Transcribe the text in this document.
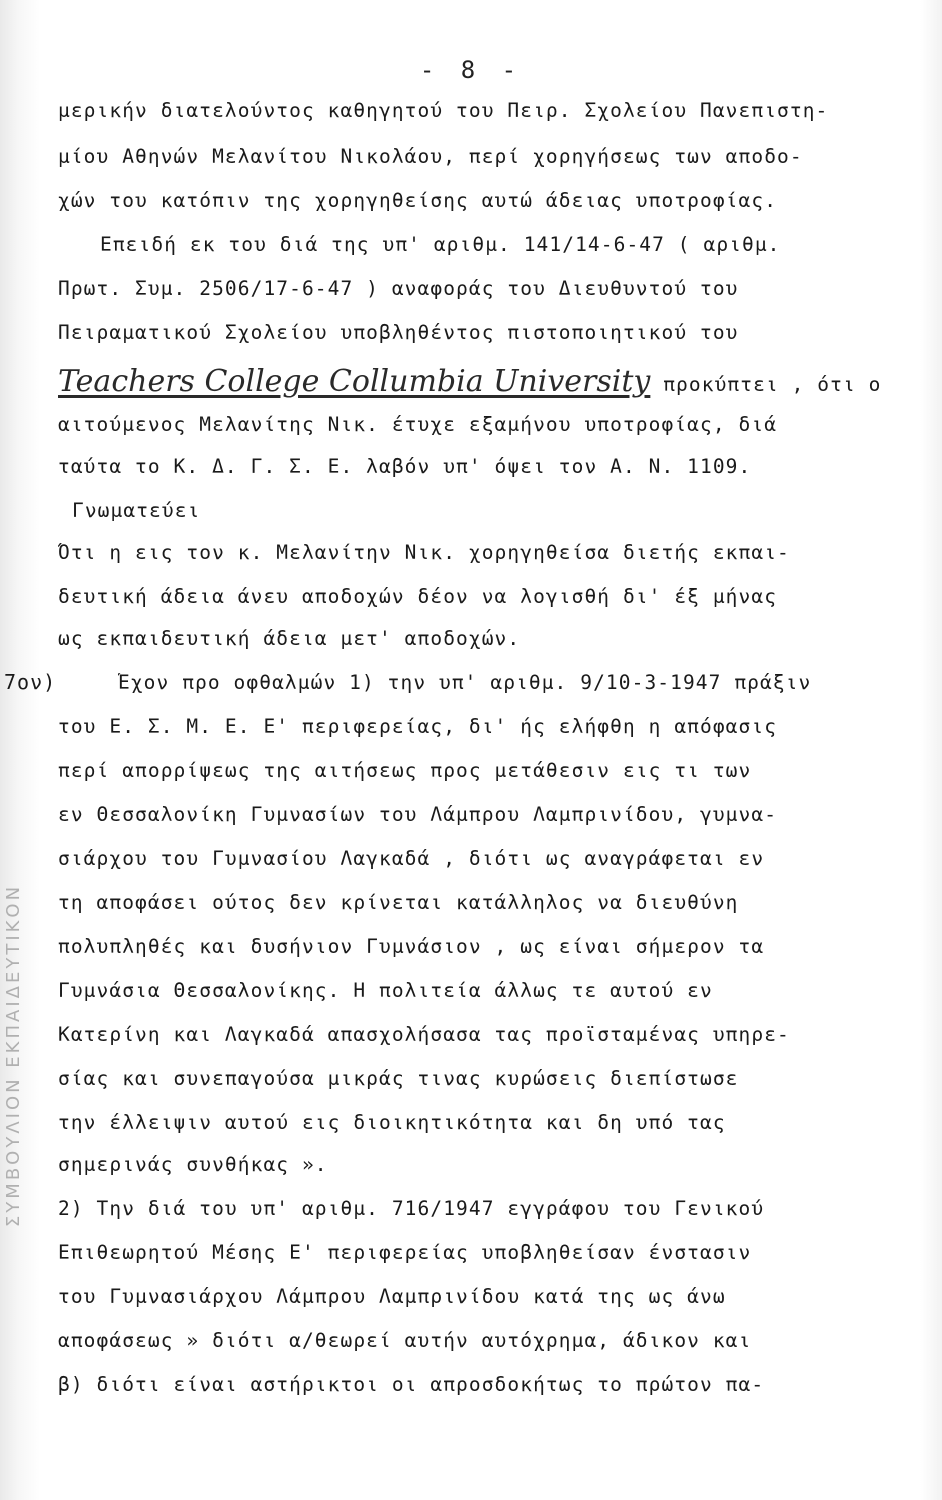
ΣΥΜΒΟΥΛΙΟΝ ΕΚΠΑΙΔΕΥΤΙΚΟΝ
- 8 -
μερικήν διατελούντος καθηγητού του Πειρ. Σχολείου Πανεπιστη-
μίου Αθηνών Μελανίτου Νικολάου, περί χορηγήσεως των αποδο-
χών του κατόπιν της χορηγηθείσης αυτώ άδειας υποτροφίας.
Επειδή εκ του διά της υπ' αριθμ. 141/14-6-47 ( αριθμ.
Πρωτ. Συμ. 2506/17-6-47 ) αναφοράς του Διευθυντού του
Πειραματικού Σχολείου υποβληθέντος πιστοποιητικού του
Teachers College Collumbia University προκύπτει , ότι ο
αιτούμενος Μελανίτης Νικ. έτυχε εξαμήνου υποτροφίας, διά
ταύτα το Κ. Δ. Γ. Σ. Ε. λαβόν υπ' όψει τον Α. Ν. 1109.
Γνωματεύει
Ότι η εις τον κ. Μελανίτην Νικ. χορηγηθείσα διετής εκπαι-
δευτική άδεια άνευ αποδοχών δέον να λογισθή δι' έξ μήνας
ως εκπαιδευτική άδεια μετ' αποδοχών.
7ον)	Έχον προ οφθαλμών 1) την υπ' αριθμ. 9/10-3-1947 πράξιν
του Ε. Σ. Μ. Ε. Ε' περιφερείας, δι' ής ελήφθη η απόφασις
περί απορρίψεως της αιτήσεως προς μετάθεσιν εις τι των
εν Θεσσαλονίκη Γυμνασίων του Λάμπρου Λαμπρινίδου, γυμνα-
σιάρχου του Γυμνασίου Λαγκαδά , διότι ως αναγράφεται εν
τη αποφάσει ούτος δεν κρίνεται κατάλληλος να διευθύνη
πολυπληθές και δυσήνιον Γυμνάσιον , ως είναι σήμερον τα
Γυμνάσια Θεσσαλονίκης. Η πολιτεία άλλως τε αυτού εν
Κατερίνη και Λαγκαδά απασχολήσασα τας προϊσταμένας υπηρε-
σίας και συνεπαγούσα μικράς τινας κυρώσεις διεπίστωσε
την έλλειψιν αυτού εις διοικητικότητα και δη υπό τας
σημερινάς συνθήκας ».
2) Την διά του υπ' αριθμ. 716/1947 εγγράφου του Γενικού
Επιθεωρητού Μέσης Ε' περιφερείας υποβληθείσαν ένστασιν
του Γυμνασιάρχου Λάμπρου Λαμπρινίδου κατά της ως άνω
αποφάσεως » διότι α/θεωρεί αυτήν αυτόχρημα, άδικον και
β) διότι είναι αστήρικτοι οι απροσδοκήτως το πρώτον πα-
